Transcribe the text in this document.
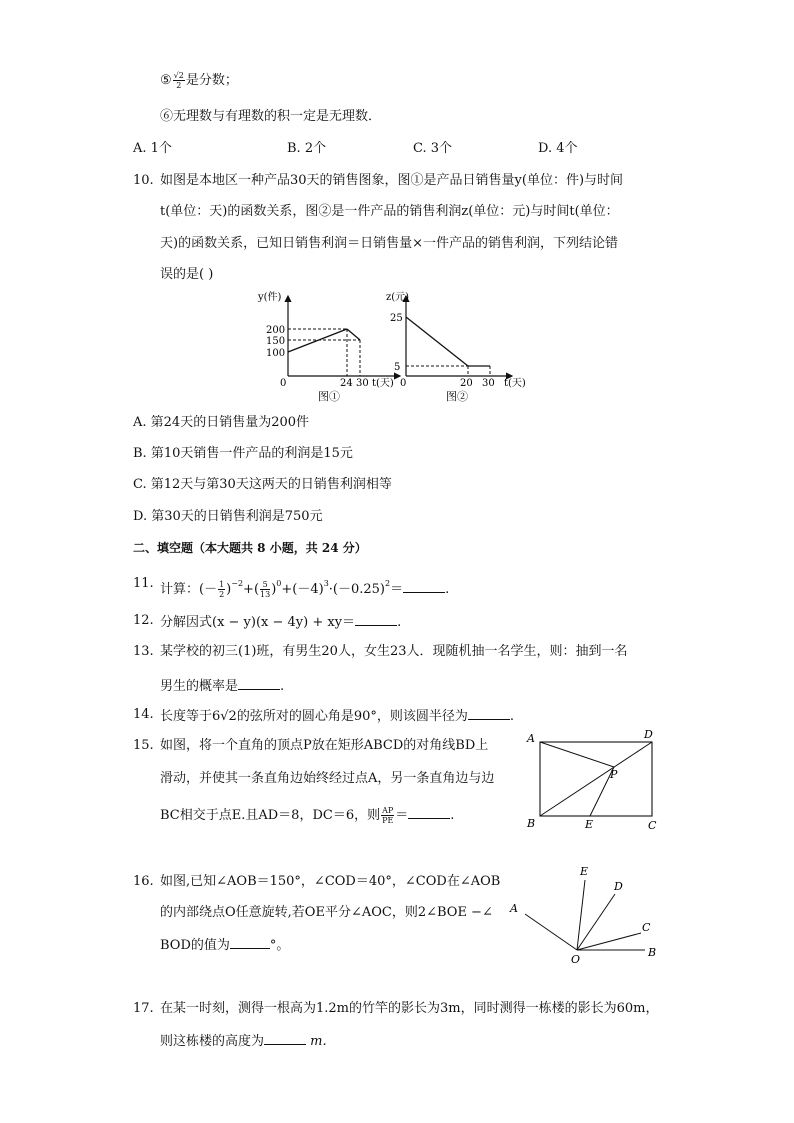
⑤ $\frac{√2}{2}$ 是分数；
⑥无理数与有理数的积一定是无理数．
A. 1个	B. 2个	C. 3个	D. 4个
10. 如图是本地区一种产品30天的销售图象，图①是产品日销售量y(单位：件)与时间
t(单位：天)的函数关系，图②是一件产品的销售利润z(单位：元)与时间t(单位：
天)的函数关系，已知日销售利润＝日销售量×一件产品的销售利润，下列结论错
误的是( )
y(件)
200
150
100
0	24 30 t(天)
图①
z(元)
25
5
0	20 30 t(天)
图②
A. 第24天的日销售量为200件
B. 第10天销售一件产品的利润是15元
C. 第12天与第30天这两天的日销售利润相等
D. 第30天的日销售利润是750元
二、填空题（本大题共 8 小题，共 24 分）
11. 计算：(－ $\frac{1}{2} )^{-2}+( \frac{5}{13} )^0+(-4)^3\cdot(-0.25)^2=$	.
12. 分解因式(x − y)(x − 4y) + xy＝	.
13. 某学校的初三(1)班，有男生20人，女生23人．现随机抽一名学生，则：抽到一名
男生的概率是	.
14. 长度等于6√2的弦所对的圆心角是90°，则该圆半径为	.
15. 如图，将一个直角的顶点P放在矩形ABCD的对角线BD上
滑动，并使其一条直角边始终经过点A，另一条直角边与边
BC相交于点E.且AD＝8，DC＝6，则 $\frac{AP}{PE}$ ＝	.
A	D
B	C
P
E
16. 如图,已知∠AOB＝150°，∠COD＝40°，∠COD在∠AOB
的内部绕点O任意旋转,若OE平分∠AOC，则2∠BOE −∠
BOD的值为	°。
A
B
C
D
E
O
17. 在某一时刻，测得一根高为1.2m的竹竿的影长为3m，同时测得一栋楼的影长为60m，
则这栋楼的高度为	m.
